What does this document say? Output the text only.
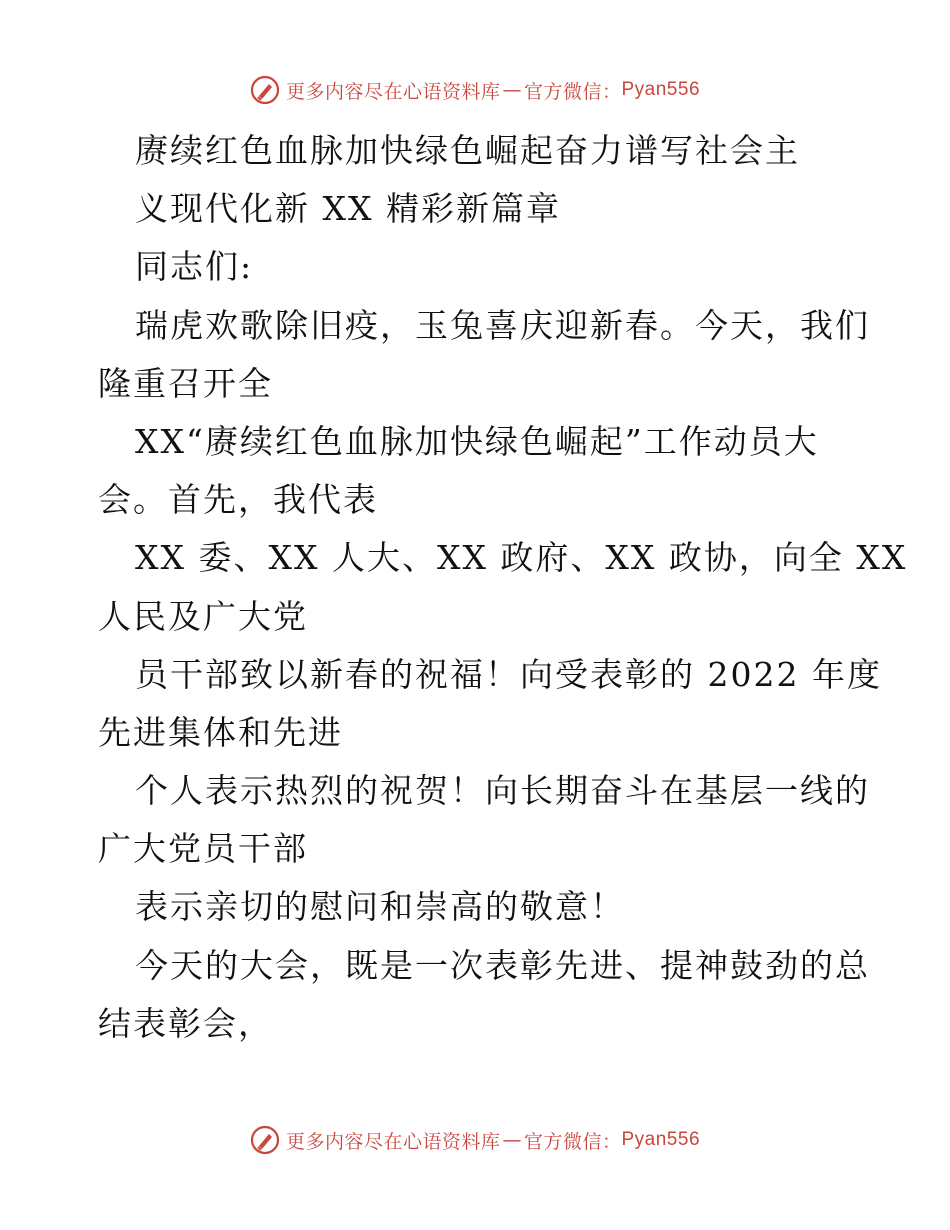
更多内容尽在心语资料库 — 官方微信： Pyan556
赓续红色血脉加快绿色崛起奋力谱写社会主
义现代化新 XX 精彩新篇章
同志们:
瑞虎欢歌除旧疫，玉兔喜庆迎新春。今天，我们
隆重召开全
XX“赓续红色血脉加快绿色崛起”工作动员大
会。首先，我代表
XX 委、XX 人大、XX 政府、XX 政协，向全 XX
人民及广大党
员干部致以新春的祝福！向受表彰的 2022 年度
先进集体和先进
个人表示热烈的祝贺！向长期奋斗在基层一线的
广大党员干部
表示亲切的慰问和崇高的敬意！
今天的大会，既是一次表彰先进、提神鼓劲的总
结表彰会，
更多内容尽在心语资料库 — 官方微信： Pyan556
